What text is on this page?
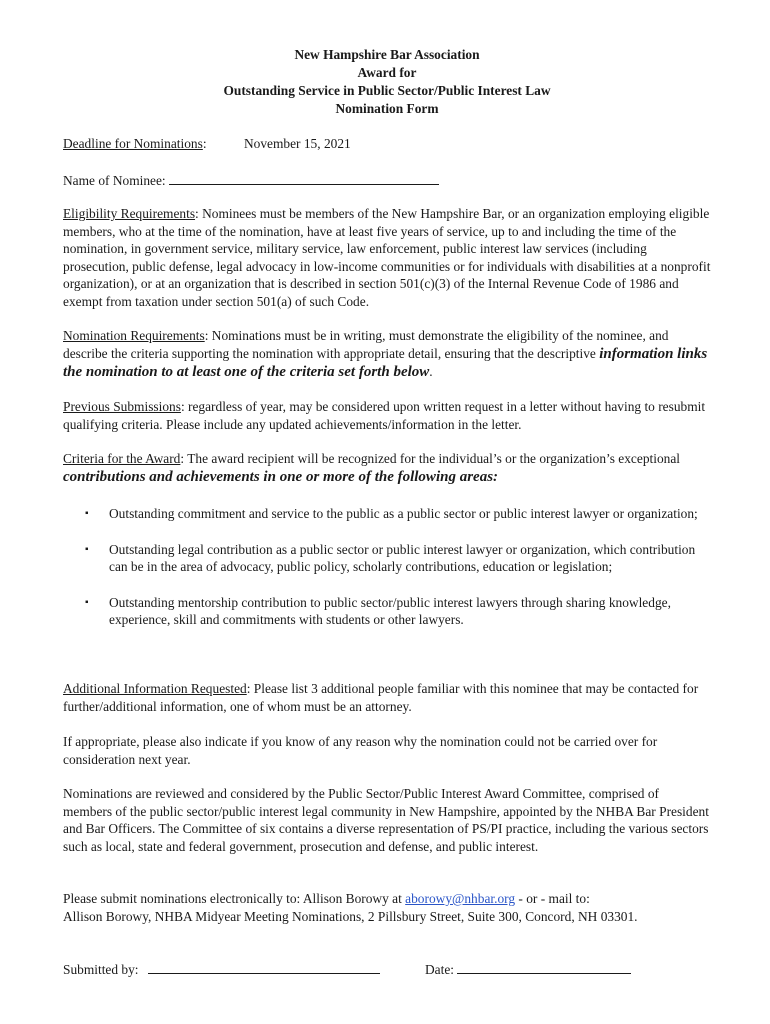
New Hampshire Bar Association
Award for
Outstanding Service in Public Sector/Public Interest Law
Nomination Form
Deadline for Nominations:	November 15, 2021
Name of Nominee:

Eligibility Requirements: Nominees must be members of the New Hampshire Bar, or an organization employing eligible members, who at the time of the nomination, have at least five years of service, up to and including the time of the nomination, in government service, military service, law enforcement, public interest law services (including prosecution, public defense, legal advocacy in low-income communities or for individuals with disabilities at a nonprofit organization), or at an organization that is described in section 501(c)(3) of the Internal Revenue Code of 1986 and exempt from taxation under section 501(a) of such Code.

Nomination Requirements: Nominations must be in writing, must demonstrate the eligibility of the nominee, and describe the criteria supporting the nomination with appropriate detail, ensuring that the descriptive information links the nomination to at least one of the criteria set forth below.

Previous Submissions: regardless of year, may be considered upon written request in a letter without having to resubmit qualifying criteria. Please include any updated achievements/information in the letter.

Criteria for the Award: The award recipient will be recognized for the individual’s or the organization’s exceptional contributions and achievements in one or more of the following areas:

▪ Outstanding commitment and service to the public as a public sector or public interest lawyer or organization;
▪ Outstanding legal contribution as a public sector or public interest lawyer or organization, which contribution can be in the area of advocacy, public policy, scholarly contributions, education or legislation;
▪ Outstanding mentorship contribution to public sector/public interest lawyers through sharing knowledge, experience, skill and commitments with students or other lawyers.

Additional Information Requested: Please list 3 additional people familiar with this nominee that may be contacted for further/additional information, one of whom must be an attorney.

If appropriate, please also indicate if you know of any reason why the nomination could not be carried over for consideration next year.

Nominations are reviewed and considered by the Public Sector/Public Interest Award Committee, comprised of members of the public sector/public interest legal community in New Hampshire, appointed by the NHBA Bar President and Bar Officers. The Committee of six contains a diverse representation of PS/PI practice, including the various sectors such as local, state and federal government, prosecution and defense, and public interest.

Please submit nominations electronically to: Allison Borowy at aborowy@nhbar.org - or - mail to:
Allison Borowy, NHBA Midyear Meeting Nominations, 2 Pillsbury Street, Suite 300, Concord, NH 03301.

Submitted by:	Date:
